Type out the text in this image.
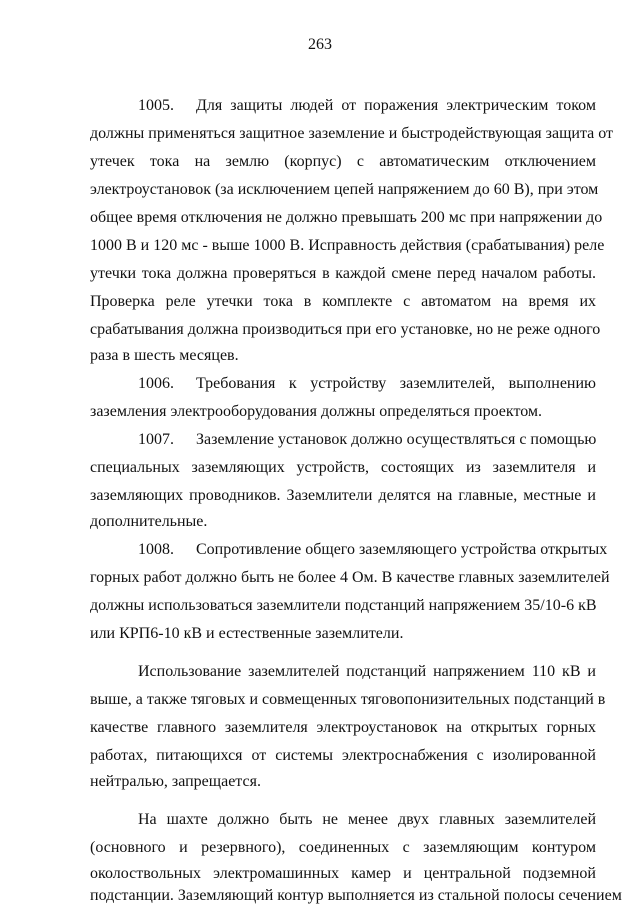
263
1005. Для защиты людей от поражения электрическим током
должны применяться защитное заземление и быстродействующая защита от
утечек тока на землю (корпус) с автоматическим отключением
электроустановок (за исключением цепей напряжением до 60 В), при этом
общее время отключения не должно превышать 200 мс при напряжении до
1000 В и 120 мс - выше 1000 В. Исправность действия (срабатывания) реле
утечки тока должна проверяться в каждой смене перед началом работы.
Проверка реле утечки тока в комплекте с автоматом на время их
срабатывания должна производиться при его установке, но не реже одного
раза в шесть месяцев.
1006. Требования к устройству заземлителей, выполнению
заземления электрооборудования должны определяться проектом.
1007. Заземление установок должно осуществляться с помощью
специальных заземляющих устройств, состоящих из заземлителя и
заземляющих проводников. Заземлители делятся на главные, местные и
дополнительные.
1008. Сопротивление общего заземляющего устройства открытых
горных работ должно быть не более 4 Ом. В качестве главных заземлителей
должны использоваться заземлители подстанций напряжением 35/10-6 кВ
или КРП6-10 кВ и естественные заземлители.
Использование заземлителей подстанций напряжением 110 кВ и
выше, а также тяговых и совмещенных тяговопонизительных подстанций в
качестве главного заземлителя электроустановок на открытых горных
работах, питающихся от системы электроснабжения с изолированной
нейтралью, запрещается.
На шахте должно быть не менее двух главных заземлителей
(основного и резервного), соединенных с заземляющим контуром
околоствольных электромашинных камер и центральной подземной
подстанции. Заземляющий контур выполняется из стальной полосы сечением
